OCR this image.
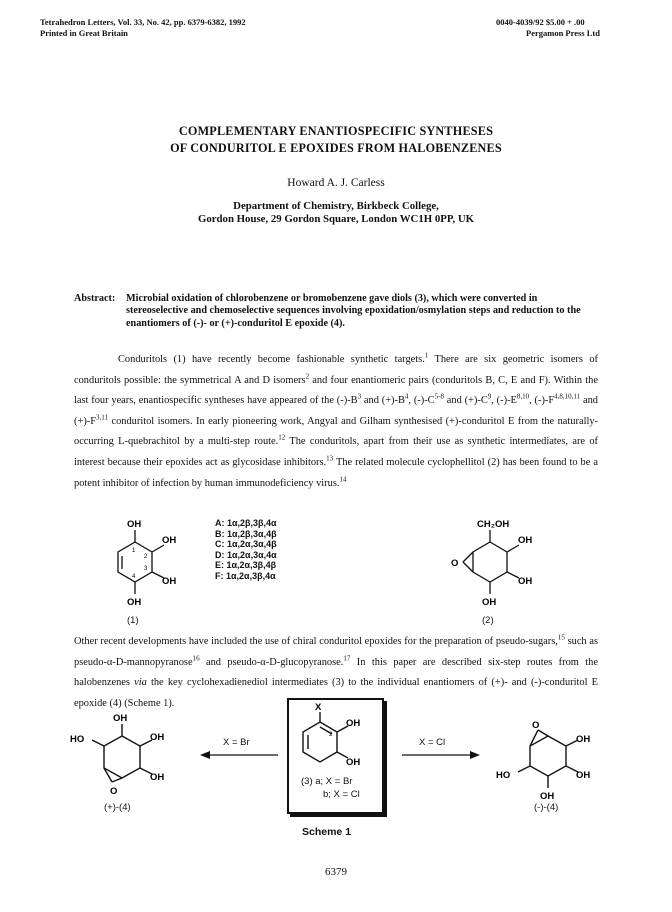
Tetrahedron Letters, Vol. 33, No. 42, pp. 6379-6382, 1992
Printed in Great Britain
0040-4039/92 $5.00 + .00
Pergamon Press Ltd
COMPLEMENTARY ENANTIOSPECIFIC SYNTHESES
OF CONDURITOL E EPOXIDES FROM HALOBENZENES
Howard A. J. Carless
Department of Chemistry, Birkbeck College,
Gordon House, 29 Gordon Square, London WC1H 0PP, UK
Abstract:	Microbial oxidation of chlorobenzene or bromobenzene gave diols (3), which were converted in stereoselective and chemoselective sequences involving epoxidation/osmylation steps and reduction to the enantiomers of (-)- or (+)-conduritol E epoxide (4).

Conduritols (1) have recently become fashionable synthetic targets.$^1$ There are six geometric isomers of conduritols possible: the symmetrical A and D isomers$^2$ and four enantiomeric pairs (conduritols B, C, E and F). Within the last four years, enantiospecific syntheses have appeared of the $(-)-B^3$ and $(+)-B^4$, $(-)-C^{5-8}$ and $(+)-C^9$, $(-)-E^{8,10}$, $(-)-F^{4,8,10,11}$ and $(+)-F^{3,11}$ conduritol isomers. In early pioneering work, Angyal and Gilham synthesised (+)-conduritol E from the naturally-occurring L-quebrachitol by a multi-step route.$^{12}$ The conduritols, apart from their use as synthetic intermediates, are of interest because their epoxides act as glycosidase inhibitors.$^{13}$ The related molecule cyclophellitol (2) has been found to be a potent inhibitor of infection by human immunodeficiency virus.$^{14}$

OH
OH
OH
OH
1
2
3
4
(1)
A: 1α,2β,3β,4α
B: 1α,2β,3α,4β
C: 1α,2α,3α,4β
D: 1α,2α,3α,4α
E: 1α,2α,3β,4β
F: 1α,2α,3β,4α
CH₂OH
OH
OH
OH
O
(2)

Other recent developments have included the use of chiral conduritol epoxides for the preparation of pseudo-sugars,$^{15}$ such as pseudo-α-D-mannopyranose$^{16}$ and pseudo-α-D-glucopyranose.$^{17}$ In this paper are described six-step routes from the halobenzenes via the key cyclohexadienediol intermediates (3) to the individual enantiomers of (+)- and (-)-conduritol E epoxide (4) (Scheme 1).

OH
HO	OH
OH
O
(+)-(4)
X = Br
X
OH
OH
2
(3) a; X = Br
b; X = Cl
X = Cl
O
OH
OH
HO
OH
(-)-(4)
Scheme 1
6379
